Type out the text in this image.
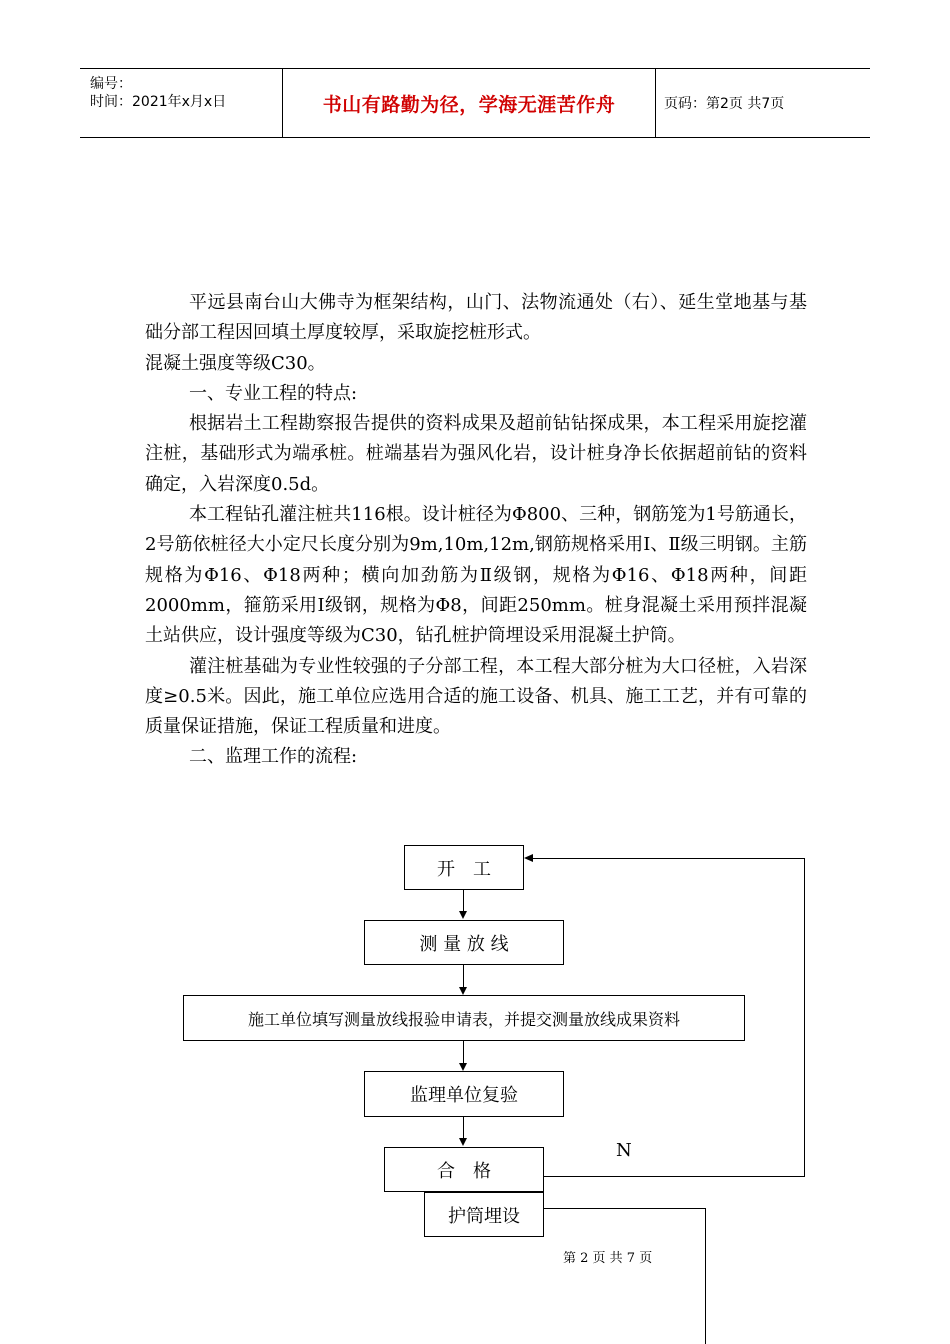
编号：
时间：2021年x月x日	书山有路勤为径，学海无涯苦作舟	页码：第2页 共7页

平远县南台山大佛寺为框架结构，山门、法物流通处（右）、延生堂地基与基础分部工程因回填土厚度较厚，采取旋挖桩形式。

混凝土强度等级C30。

一、专业工程的特点:

根据岩土工程勘察报告提供的资料成果及超前钻钻探成果，本工程采用旋挖灌注桩，基础形式为端承桩。桩端基岩为强风化岩，设计桩身净长依据超前钻的资料确定，入岩深度0.5d。

本工程钻孔灌注桩共116根。设计桩径为Φ800、三种，钢筋笼为1号筋通长，2号筋依桩径大小定尺长度分别为9m,10m,12m,钢筋规格采用Ⅰ、Ⅱ级三明钢。主筋规格为Φ16、Φ18两种；横向加劲筋为Ⅱ级钢，规格为Φ16、Φ18两种，间距2000mm，箍筋采用Ⅰ级钢，规格为Φ8，间距250mm。桩身混凝土采用预拌混凝土站供应，设计强度等级为C30，钻孔桩护筒埋设采用混凝土护筒。

灌注桩基础为专业性较强的子分部工程，本工程大部分桩为大口径桩，入岩深度≥0.5米。因此，施工单位应选用合适的施工设备、机具、施工工艺，并有可靠的质量保证措施，保证工程质量和进度。

二、监理工作的流程:

开　工
测 量 放 线
施工单位填写测量放线报验申请表，并提交测量放线成果资料
监理单位复验
合　格
N
护筒埋设
第 2 页 共 7 页
